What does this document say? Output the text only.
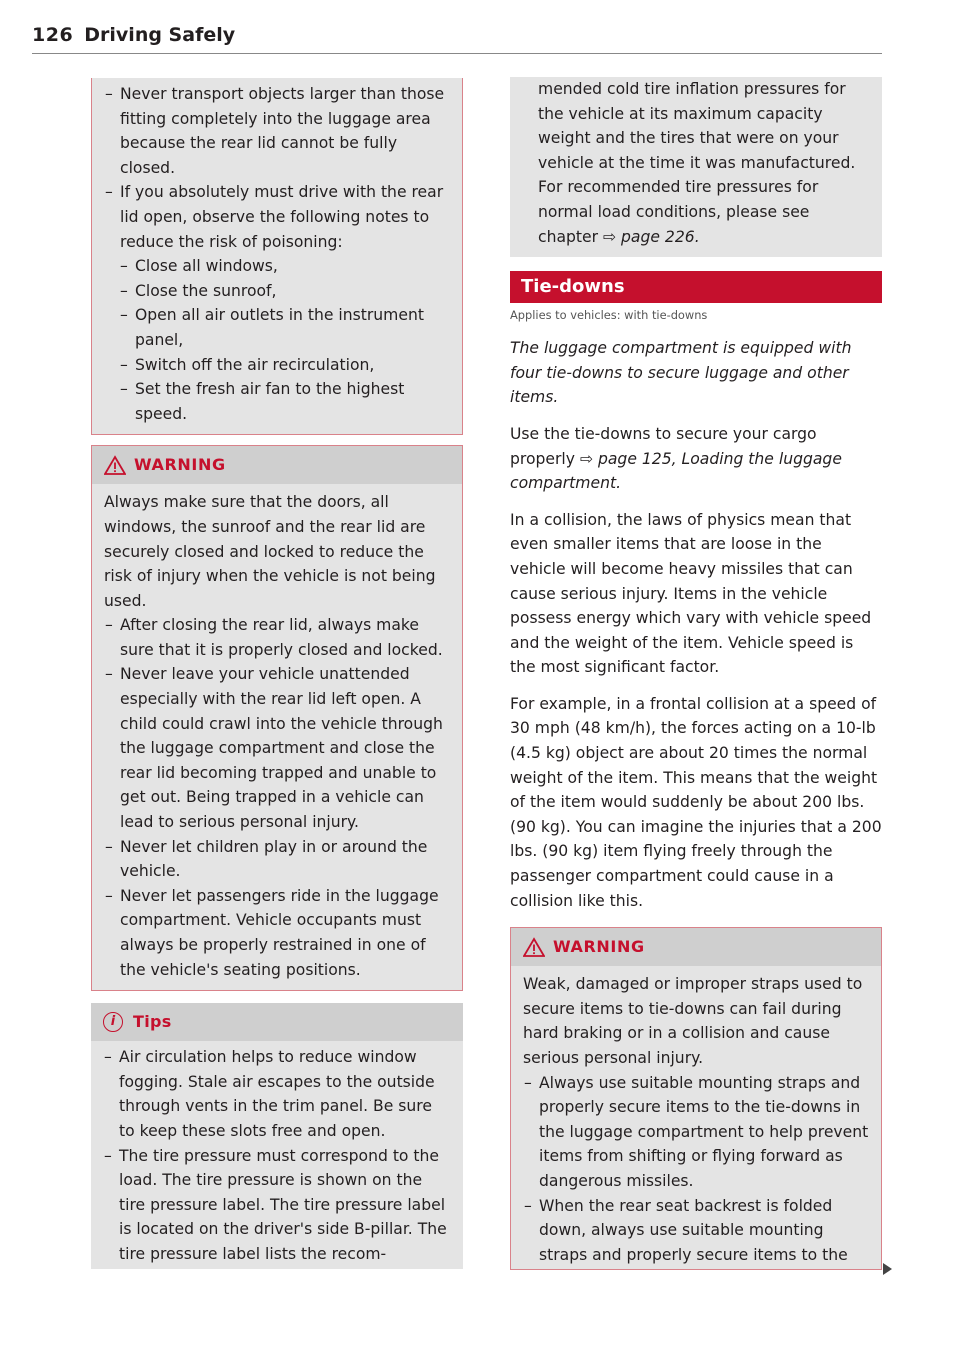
126 Driving Safely
– Never transport objects larger than those fitting completely into the luggage area because the rear lid cannot be fully closed.
– If you absolutely must drive with the rear lid open, observe the following notes to reduce the risk of poisoning:
– Close all windows,
– Close the sunroof,
– Open all air outlets in the instrument panel,
– Switch off the air recirculation,
– Set the fresh air fan to the highest speed.
WARNING

Always make sure that the doors, all windows, the sunroof and the rear lid are securely closed and locked to reduce the risk of injury when the vehicle is not being used.

– After closing the rear lid, always make sure that it is properly closed and locked.
– Never leave your vehicle unattended especially with the rear lid left open. A child could crawl into the vehicle through the luggage compartment and close the rear lid becoming trapped and unable to get out. Being trapped in a vehicle can lead to serious personal injury.
– Never let children play in or around the vehicle.
– Never let passengers ride in the luggage compartment. Vehicle occupants must always be properly restrained in one of the vehicle's seating positions.
i	Tips
– Air circulation helps to reduce window fogging. Stale air escapes to the outside through vents in the trim panel. Be sure to keep these slots free and open.
– The tire pressure must correspond to the load. The tire pressure is shown on the tire pressure label. The tire pressure label is located on the driver's side B-pillar. The tire pressure label lists the recom-
mended cold tire inflation pressures for the vehicle at its maximum capacity weight and the tires that were on your vehicle at the time it was manufactured. For recommended tire pressures for normal load conditions, please see chapter ⇨ page 226.
Tie-downs
Applies to vehicles: with tie-downs

The luggage compartment is equipped with four tie-downs to secure luggage and other items.

Use the tie-downs to secure your cargo properly ⇨ page 125, Loading the luggage compartment.

In a collision, the laws of physics mean that even smaller items that are loose in the vehicle will become heavy missiles that can cause serious injury. Items in the vehicle possess energy which vary with vehicle speed and the weight of the item. Vehicle speed is the most significant factor.

For example, in a frontal collision at a speed of 30 mph (48 km/h), the forces acting on a 10-lb (4.5 kg) object are about 20 times the normal weight of the item. This means that the weight of the item would suddenly be about 200 lbs. (90 kg). You can imagine the injuries that a 200 lbs. (90 kg) item flying freely through the passenger compartment could cause in a collision like this.

WARNING

Weak, damaged or improper straps used to secure items to tie-downs can fail during hard braking or in a collision and cause serious personal injury.

– Always use suitable mounting straps and properly secure items to the tie-downs in the luggage compartment to help prevent items from shifting or flying forward as dangerous missiles.
– When the rear seat backrest is folded down, always use suitable mounting straps and properly secure items to the
